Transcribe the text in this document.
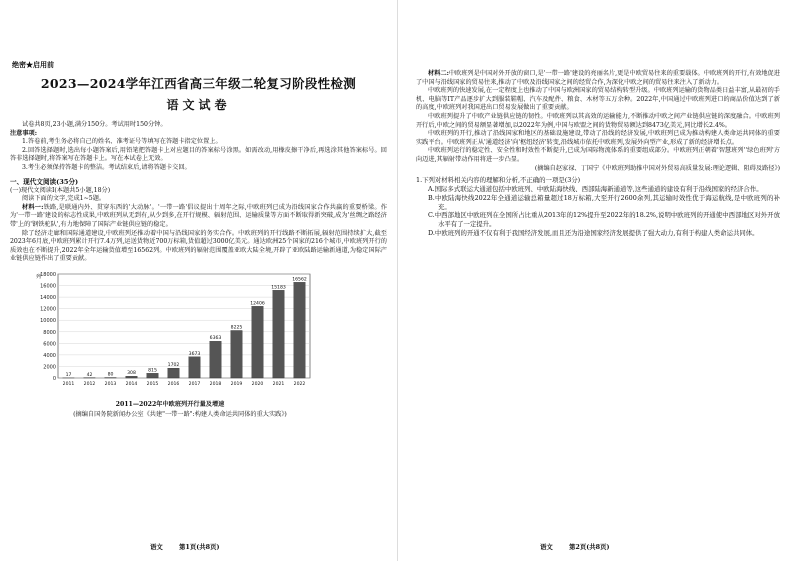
绝密★启用前
2023—2024学年江西省高三年级二轮复习阶段性检测
语文试卷

试卷共8页,23小题,满分150分。考试用时150分钟。

注意事项:

1.答卷前,考生务必将自己的姓名、准考证号等填写在答题卡指定位置上。

2.回答选择题时,选出每小题答案后,用铅笔把答题卡上对应题目的答案标号涂黑。如需改动,用橡皮擦干净后,再选涂其他答案标号。回答非选择题时,将答案写在答题卡上。写在本试卷上无效。

3.考生必须保持答题卡的整洁。考试结束后,请将答题卡交回。

一、现代文阅读(35分)

(一)现代文阅读Ⅰ(本题共5小题,18分)

阅读下面的文字,完成1~5题。

材料一:铁路,是联通内外、贯穿东西的'大动脉'。'一带一路'倡议提出十周年之际,中欧班列已成为沿线国家合作共赢的重要桥梁。作为'一带一路'建设的标志性成果,中欧班列从无到有,从少到多,在开行规模、辐射范围、运输质量等方面不断取得新突破,成为'丝绸之路经济带'上的'钢铁驼队',有力地保障了国际产业链供应链的稳定。

除了经济走廊和国际通道建设,中欧班列还推动着中国与沿线国家的务实合作。中欧班列的开行线路不断拓展,辐射范围持续扩大,截至2023年6月底,中欧班列累计开行7.4万列,运送货物近700万标箱,货值超过3000亿美元。通达欧洲25个国家的216个城市,中欧班列开行的质效也在不断提升,2022年全年运输货值增至16562列。中欧班列的辐射范围覆盖亚欧大陆全境,开辟了亚欧陆路运输新通道,为稳定国际产业链供应链作出了重要贡献。

0
2000
4000
6000
8000
10000
12000
14000
16000
18000
17
2011
42
2012
80
2013
308
2014
815
2015
1702
2016
3673
2017
6363
2018
8225
2019
12406
2020
15183
2021
16562
2022
列
2011—2022年中欧班列开行量及增速
(摘编自国务院新闻办公室《共建"一带一路":构建人类命运共同体的重大实践》)
语文	第1页(共8页)

材料二:中欧班列是中国对外开放的窗口,是'一带一路'建设的亮丽名片,更是中欧贸易往来的重要载体。中欧班列的开行,有效地促进了中国与沿线国家的贸易往来,推动了中欧及沿线国家之间的经贸合作,为深化中欧之间的贸易往来注入了新动力。

中欧班列的快速发展,在一定程度上也推动了中国与欧洲国家的贸易结构转型升级。中欧班列运输的货物品类日益丰富,从最初的手机、电脑等IT产品逐步扩大到服装鞋帽、汽车及配件、粮食、木材等五万余种。2022年,中国通过中欧班列进口的商品价值达到了新的高度,中欧班列对我国进出口贸易发展做出了重要贡献。

中欧班列提升了中欧产业链供应链的韧性。中欧班列以其高效的运输能力,不断推动中欧之间产业链供应链的深度融合。中欧班列开行后,中欧之间的贸易额显著增加,以2022年为例,中国与欧盟之间的货物贸易额达到8473亿美元,同比增长2.4%。

中欧班列的开行,推动了沿线国家和地区的基础设施建设,带动了沿线的经济发展,中欧班列已成为推动构建人类命运共同体的重要实践平台。中欧班列正从'通道经济'向'枢纽经济'转变,沿线城市依托中欧班列,发展外向型产业,形成了新的经济增长点。

中欧班列运行的稳定性、安全性和时效性不断提升,已成为国际物流体系的重要组成部分。中欧班列正朝着'智慧班列''绿色班列'方向迈进,其辐射带动作用将进一步凸显。

(摘编自赵家禄、丁国宁《中欧班列助推中国对外贸易高质量发展:理论逻辑、阻碍及路径》)

1.下列对材料相关内容的理解和分析,不正确的一项是(3分)

A.国际多式联运大通道包括中欧班列、中欧陆海快线、西部陆海新通道等,这些通道的建设有利于沿线国家的经济合作。

B.中欧陆海快线2022年全通道运输总箱量超过18万标箱,大至开行2600余列,其运输时效性优于海运航线,是中欧班列的补充。

C.中西部地区中欧班列在全国所占比重从2013年的12%提升至2022年的18.2%,说明中欧班列的开通使中西部地区对外开放水平有了一定提升。

D.中欧班列的开通不仅有利于我国经济发展,而且还为沿途国家经济发展提供了强大动力,有利于构建人类命运共同体。

语文	第2页(共8页)
